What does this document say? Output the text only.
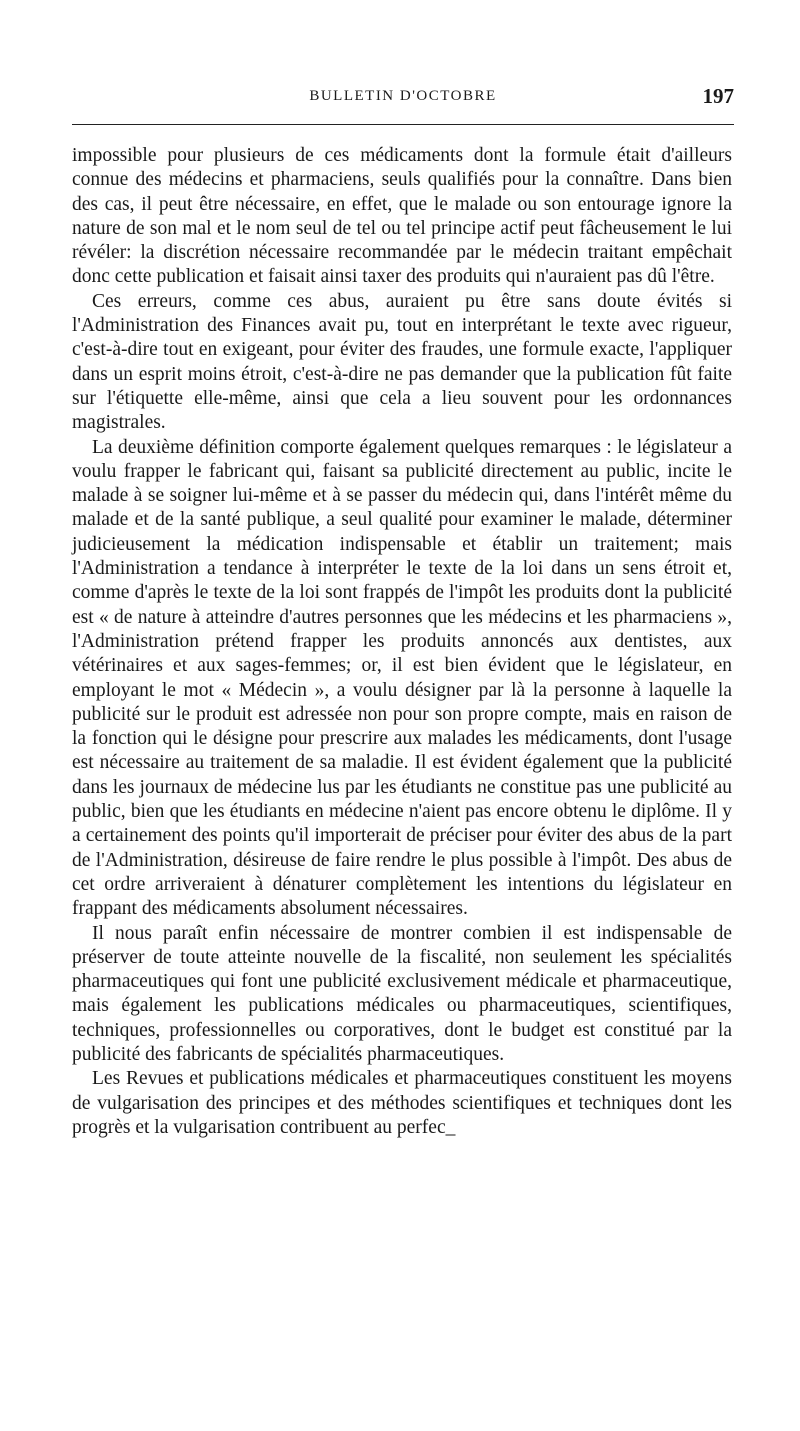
BULLETIN D'OCTOBRE	197

impossible pour plusieurs de ces médicaments dont la formule était d'ailleurs connue des médecins et pharmaciens, seuls qualifiés pour la connaître. Dans bien des cas, il peut être nécessaire, en effet, que le malade ou son entourage ignore la nature de son mal et le nom seul de tel ou tel principe actif peut fâcheusement le lui révéler: la discrétion nécessaire recommandée par le médecin traitant empêchait donc cette publication et faisait ainsi taxer des produits qui n'auraient pas dû l'être.

Ces erreurs, comme ces abus, auraient pu être sans doute évités si l'Administration des Finances avait pu, tout en interprétant le texte avec rigueur, c'est-à-dire tout en exigeant, pour éviter des fraudes, une formule exacte, l'appliquer dans un esprit moins étroit, c'est-à-dire ne pas demander que la publication fût faite sur l'étiquette elle-même, ainsi que cela a lieu souvent pour les ordonnances magistrales.

La deuxième définition comporte également quelques remarques : le législateur a voulu frapper le fabricant qui, faisant sa publicité directement au public, incite le malade à se soigner lui-même et à se passer du médecin qui, dans l'intérêt même du malade et de la santé publique, a seul qualité pour examiner le malade, déterminer judicieusement la médication indispensable et établir un traitement; mais l'Administration a tendance à interpréter le texte de la loi dans un sens étroit et, comme d'après le texte de la loi sont frappés de l'impôt les produits dont la publicité est « de nature à atteindre d'autres personnes que les médecins et les pharmaciens », l'Administration prétend frapper les produits annoncés aux dentistes, aux vétérinaires et aux sages-femmes; or, il est bien évident que le législateur, en employant le mot « Médecin », a voulu désigner par là la personne à laquelle la publicité sur le produit est adressée non pour son propre compte, mais en raison de la fonction qui le désigne pour prescrire aux malades les médicaments, dont l'usage est nécessaire au traitement de sa maladie. Il est évident également que la publicité dans les journaux de médecine lus par les étudiants ne constitue pas une publicité au public, bien que les étudiants en médecine n'aient pas encore obtenu le diplôme. Il y a certainement des points qu'il importerait de préciser pour éviter des abus de la part de l'Administration, désireuse de faire rendre le plus possible à l'impôt. Des abus de cet ordre arriveraient à dénaturer complètement les intentions du législateur en frappant des médicaments absolument nécessaires.

Il nous paraît enfin nécessaire de montrer combien il est indispensable de préserver de toute atteinte nouvelle de la fiscalité, non seulement les spécialités pharmaceutiques qui font une publicité exclusivement médicale et pharmaceutique, mais également les publications médicales ou pharmaceutiques, scientifiques, techniques, professionnelles ou corporatives, dont le budget est constitué par la publicité des fabricants de spécialités pharmaceutiques.

Les Revues et publications médicales et pharmaceutiques constituent les moyens de vulgarisation des principes et des méthodes scientifiques et techniques dont les progrès et la vulgarisation contribuent au perfec_
